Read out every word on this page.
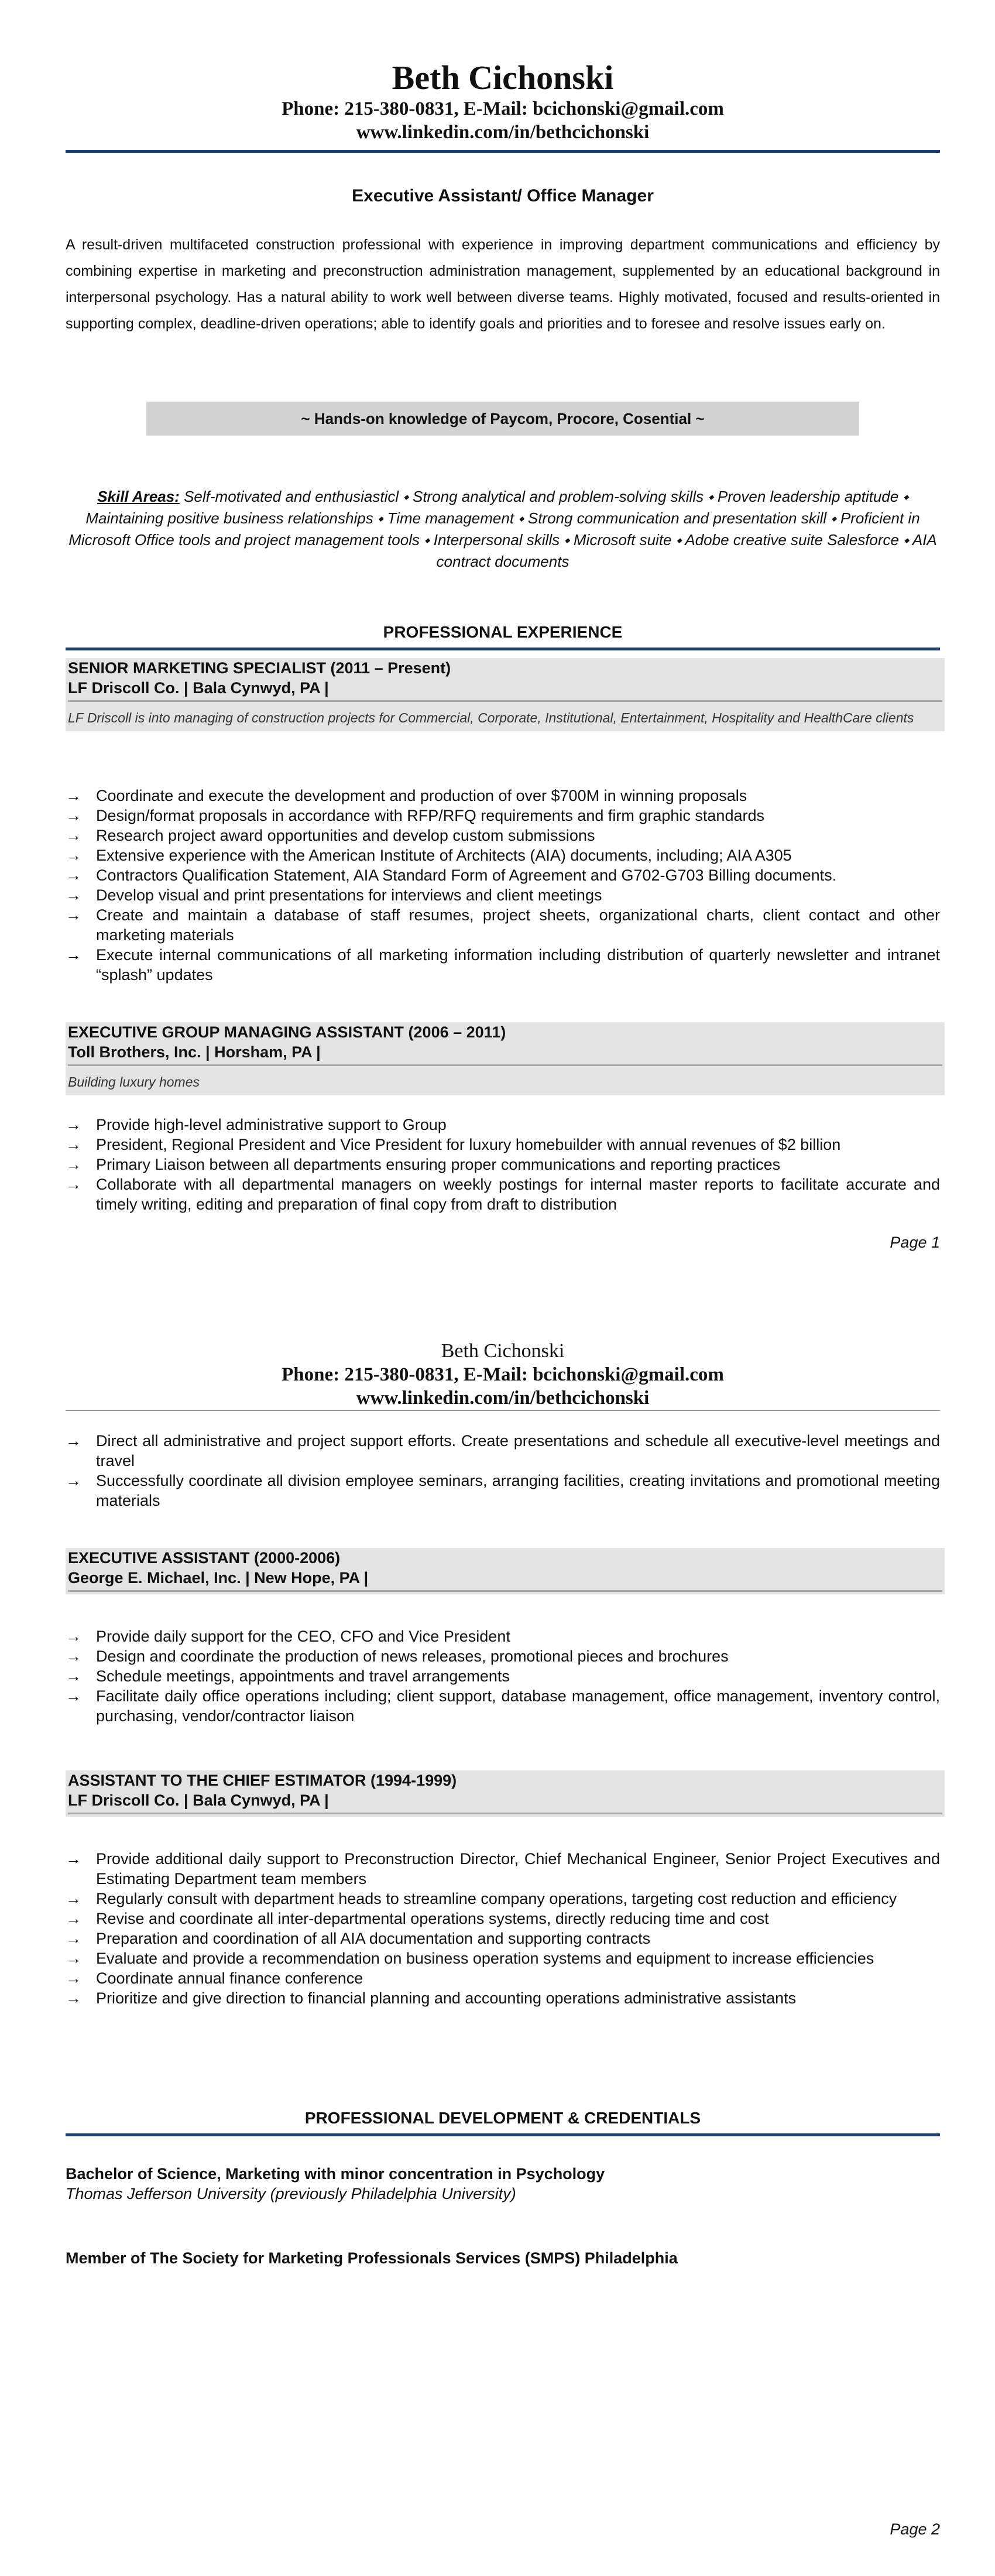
Beth Cichonski

Phone: 215-380-0831, E-Mail: bcichonski@gmail.com

www.linkedin.com/in/bethcichonski

Executive Assistant/ Office Manager

A result-driven multifaceted construction professional with experience in improving department communications and efficiency by combining expertise in marketing and preconstruction administration management, supplemented by an educational background in interpersonal psychology. Has a natural ability to work well between diverse teams. Highly motivated, focused and results-oriented in supporting complex, deadline-driven operations; able to identify goals and priorities and to foresee and resolve issues early on.

~ Hands-on knowledge of Paycom, Procore, Cosential ~

Skill Areas: Self-motivated and enthusiasticl ⬩ Strong analytical and problem-solving skills ⬩ Proven leadership aptitude ⬩ Maintaining positive business relationships ⬩ Time management ⬩ Strong communication and presentation skill ⬩ Proficient in Microsoft Office tools and project management tools ⬩ Interpersonal skills ⬩ Microsoft suite ⬩ Adobe creative suite Salesforce ⬩ AIA contract documents

PROFESSIONAL EXPERIENCE

SENIOR MARKETING SPECIALIST (2011 – Present)

LF Driscoll Co. | Bala Cynwyd, PA |

LF Driscoll is into managing of construction projects for Commercial, Corporate, Institutional, Entertainment, Hospitality and HealthCare clients

→ Coordinate and execute the development and production of over $700M in winning proposals
→ Design/format proposals in accordance with RFP/RFQ requirements and firm graphic standards
→ Research project award opportunities and develop custom submissions
→ Extensive experience with the American Institute of Architects (AIA) documents, including; AIA A305
→ Contractors Qualification Statement, AIA Standard Form of Agreement and G702-G703 Billing documents.
→ Develop visual and print presentations for interviews and client meetings
→ Create and maintain a database of staff resumes, project sheets, organizational charts, client contact and other marketing materials
→ Execute internal communications of all marketing information including distribution of quarterly newsletter and intranet “splash” updates

EXECUTIVE GROUP MANAGING ASSISTANT (2006 – 2011)

Toll Brothers, Inc. | Horsham, PA |

Building luxury homes

→ Provide high-level administrative support to Group
→ President, Regional President and Vice President for luxury homebuilder with annual revenues of $2 billion
→ Primary Liaison between all departments ensuring proper communications and reporting practices
→ Collaborate with all departmental managers on weekly postings for internal master reports to facilitate accurate and timely writing, editing and preparation of final copy from draft to distribution

Page 1

Beth Cichonski

Phone: 215-380-0831, E-Mail: bcichonski@gmail.com

www.linkedin.com/in/bethcichonski

→ Direct all administrative and project support efforts. Create presentations and schedule all executive-level meetings and travel
→ Successfully coordinate all division employee seminars, arranging facilities, creating invitations and promotional meeting materials

EXECUTIVE ASSISTANT (2000-2006)

George E. Michael, Inc. | New Hope, PA |

→ Provide daily support for the CEO, CFO and Vice President
→ Design and coordinate the production of news releases, promotional pieces and brochures
→ Schedule meetings, appointments and travel arrangements
→ Facilitate daily office operations including; client support, database management, office management, inventory control, purchasing, vendor/contractor liaison

ASSISTANT TO THE CHIEF ESTIMATOR (1994-1999)

LF Driscoll Co. | Bala Cynwyd, PA |

→ Provide additional daily support to Preconstruction Director, Chief Mechanical Engineer, Senior Project Executives and Estimating Department team members
→ Regularly consult with department heads to streamline company operations, targeting cost reduction and efficiency
→ Revise and coordinate all inter-departmental operations systems, directly reducing time and cost
→ Preparation and coordination of all AIA documentation and supporting contracts
→ Evaluate and provide a recommendation on business operation systems and equipment to increase efficiencies
→ Coordinate annual finance conference
→ Prioritize and give direction to financial planning and accounting operations administrative assistants

PROFESSIONAL DEVELOPMENT & CREDENTIALS

Bachelor of Science, Marketing with minor concentration in Psychology

Thomas Jefferson University (previously Philadelphia University)

Member of The Society for Marketing Professionals Services (SMPS) Philadelphia

Page 2
